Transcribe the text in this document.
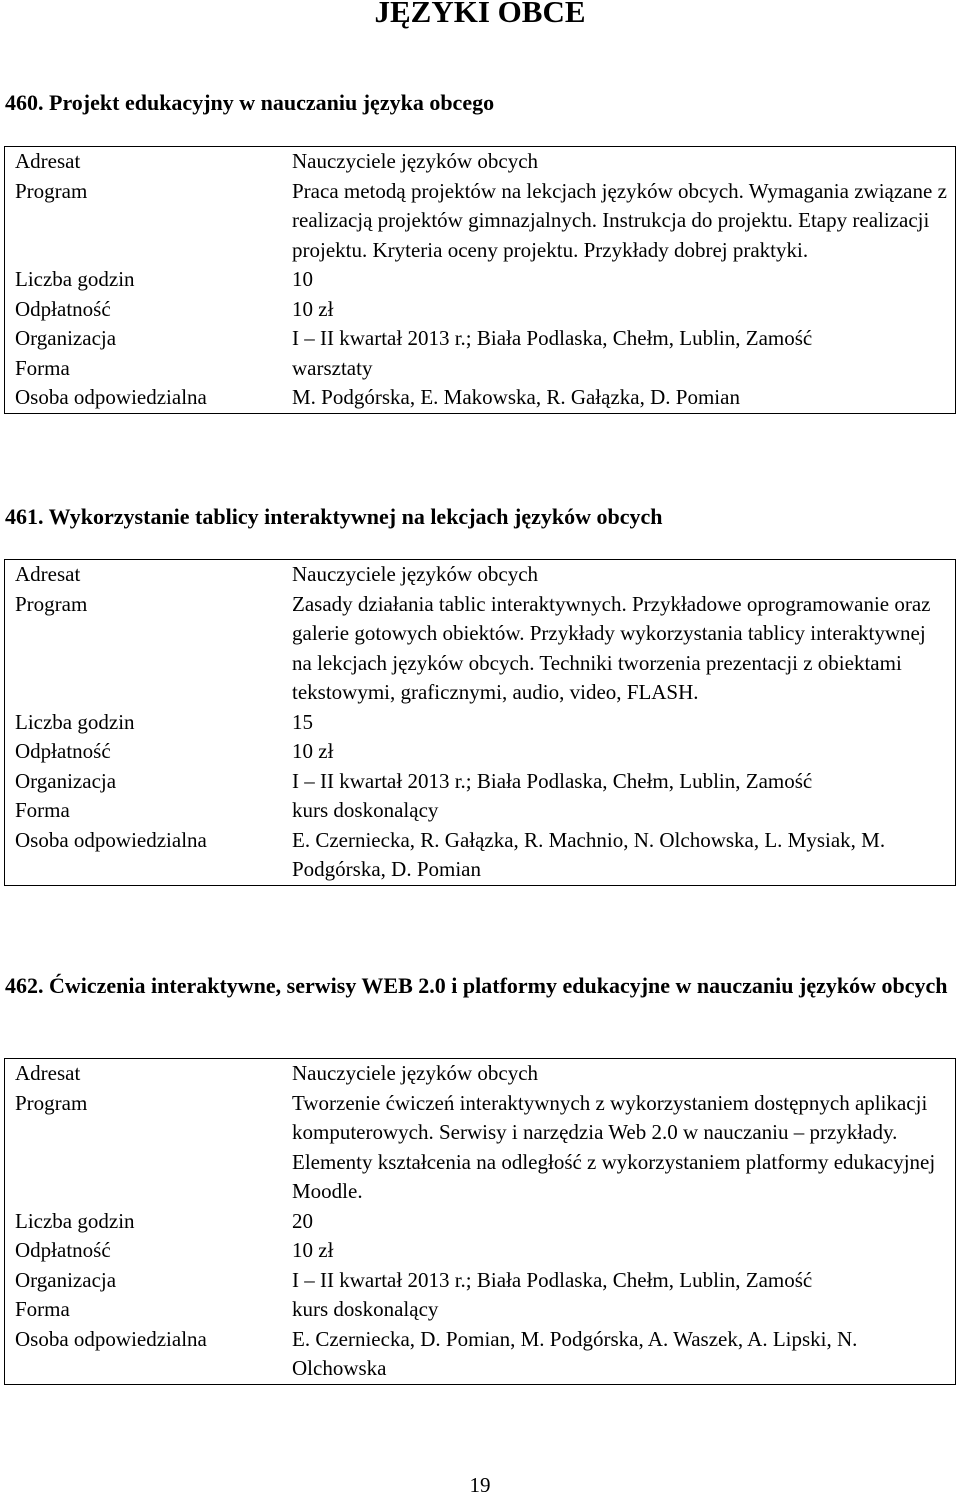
JĘZYKI OBCE
460. Projekt edukacyjny w nauczaniu języka obcego
Adresat	Nauczyciele języków obcych
Program	Praca metodą projektów na lekcjach języków obcych. Wymagania związane z realizacją projektów gimnazjalnych. Instrukcja do projektu. Etapy realizacji projektu. Kryteria oceny projektu. Przykłady dobrej praktyki.
Liczba godzin	10
Odpłatność	10 zł
Organizacja	I – II kwartał 2013 r.; Biała Podlaska, Chełm, Lublin, Zamość
Forma	warsztaty
Osoba odpowiedzialna	M. Podgórska, E. Makowska, R. Gałązka, D. Pomian
461. Wykorzystanie tablicy interaktywnej na lekcjach języków obcych
Adresat	Nauczyciele języków obcych
Program	Zasady działania tablic interaktywnych. Przykładowe oprogramowanie oraz galerie gotowych obiektów. Przykłady wykorzystania tablicy interaktywnej na lekcjach języków obcych. Techniki tworzenia prezentacji z obiektami tekstowymi, graficznymi, audio, video, FLASH.
Liczba godzin	15
Odpłatność	10 zł
Organizacja	I – II kwartał 2013 r.; Biała Podlaska, Chełm, Lublin, Zamość
Forma	kurs doskonalący
Osoba odpowiedzialna	E. Czerniecka, R. Gałązka, R. Machnio, N. Olchowska, L. Mysiak, M. Podgórska, D. Pomian
462. Ćwiczenia interaktywne, serwisy WEB 2.0 i platformy edukacyjne w nauczaniu języków obcych
Adresat	Nauczyciele języków obcych
Program	Tworzenie ćwiczeń interaktywnych z wykorzystaniem dostępnych aplikacji komputerowych. Serwisy i narzędzia Web 2.0 w nauczaniu – przykłady. Elementy kształcenia na odległość z wykorzystaniem platformy edukacyjnej Moodle.
Liczba godzin	20
Odpłatność	10 zł
Organizacja	I – II kwartał 2013 r.; Biała Podlaska, Chełm, Lublin, Zamość
Forma	kurs doskonalący
Osoba odpowiedzialna	E. Czerniecka, D. Pomian, M. Podgórska, A. Waszek, A. Lipski, N. Olchowska
19
